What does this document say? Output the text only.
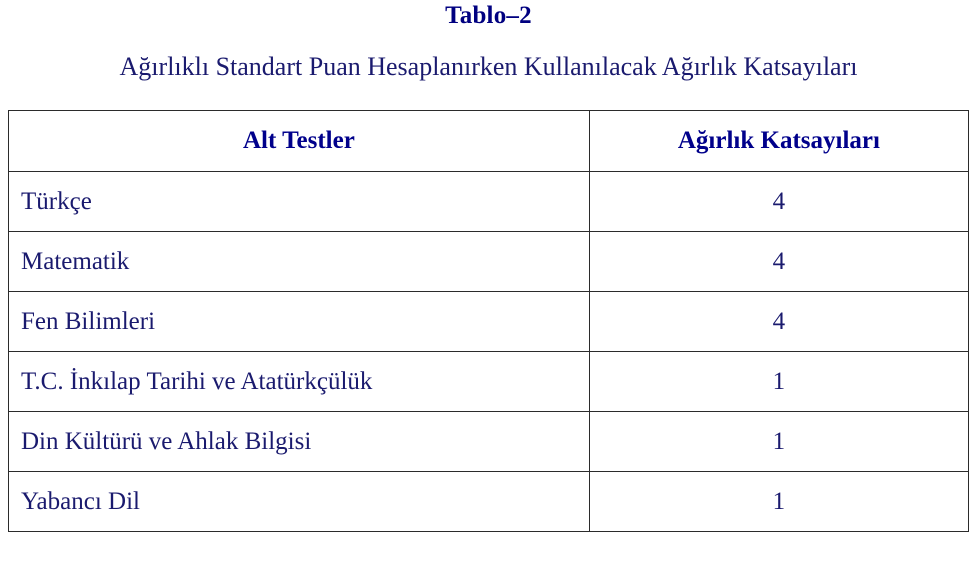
Tablo–2
Ağırlıklı Standart Puan Hesaplanırken Kullanılacak Ağırlık Katsayıları
Alt Testler	Ağırlık Katsayıları
Türkçe	4
Matematik	4
Fen Bilimleri	4
T.C. İnkılap Tarihi ve Atatürkçülük	1
Din Kültürü ve Ahlak Bilgisi	1
Yabancı Dil	1
